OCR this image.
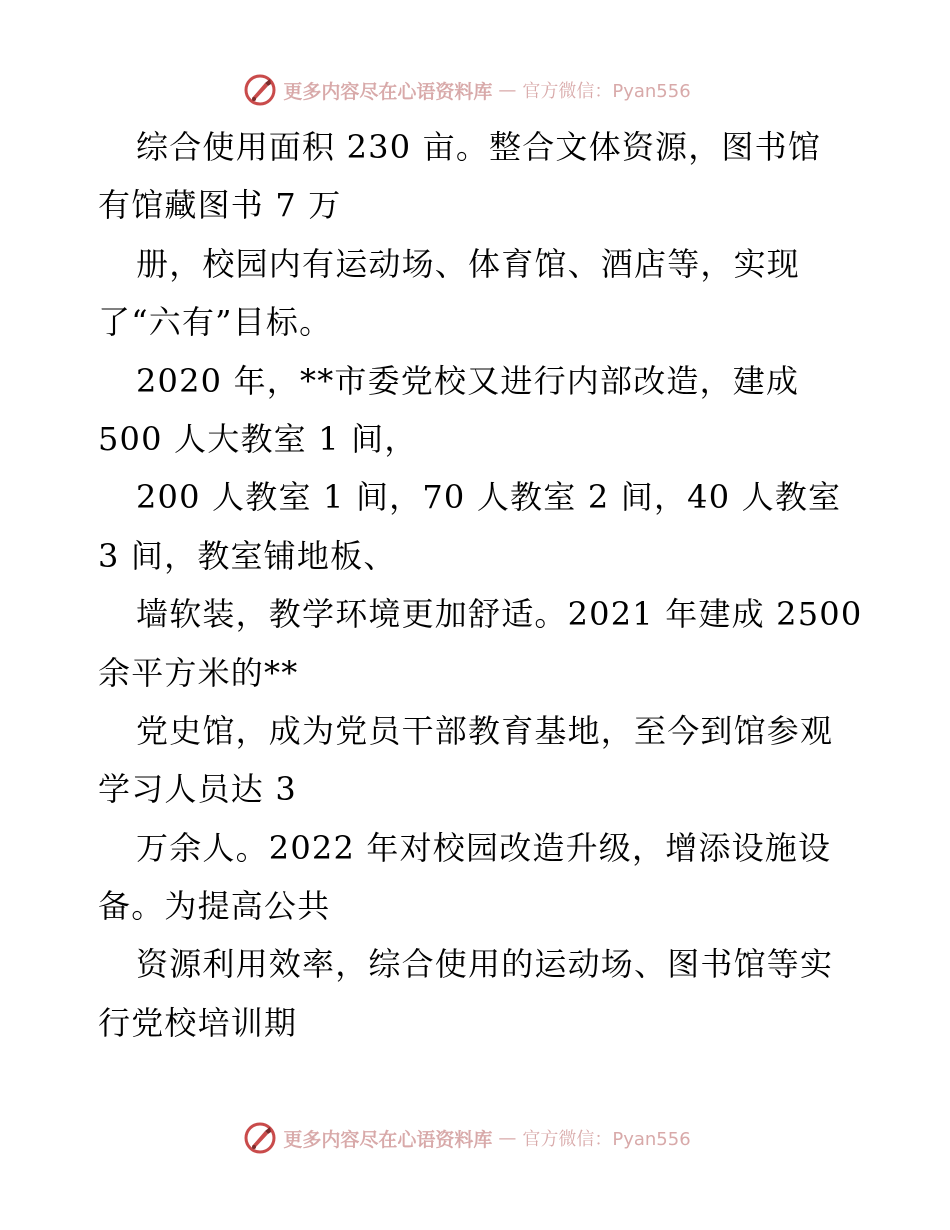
更多内容尽在心语资料库 — 官方微信：Pyan556
综合使用面积 230 亩。整合文体资源，图书馆
有馆藏图书 7 万
册，校园内有运动场、体育馆、酒店等，实现
了“六有”目标。
2020 年，**市委党校又进行内部改造，建成
500 人大教室 1 间，
200 人教室 1 间，70 人教室 2 间，40 人教室
3 间，教室铺地板、
墙软装，教学环境更加舒适。2021 年建成 2500
余平方米的**
党史馆，成为党员干部教育基地，至今到馆参观
学习人员达 3
万余人。2022 年对校园改造升级，增添设施设
备。为提高公共
资源利用效率，综合使用的运动场、图书馆等实
行党校培训期
更多内容尽在心语资料库 — 官方微信：Pyan556
